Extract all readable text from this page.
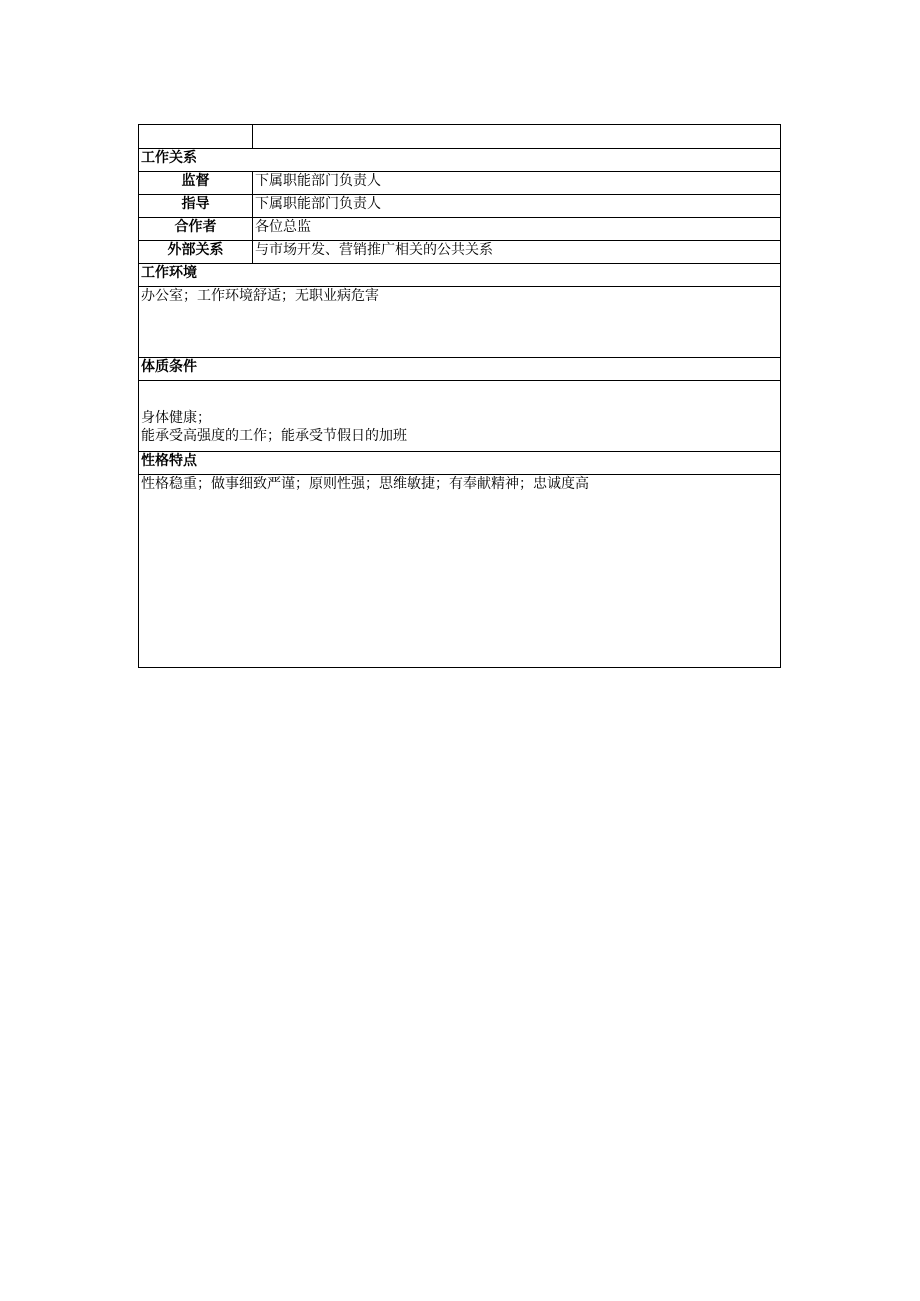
工作关系	
监督	下属职能部门负责人
指导	下属职能部门负责人
合作者	各位总监
外部关系	与市场开发、营销推广相关的公共关系
工作环境	
办公室；工作环境舒适；无职业病危害	
体质条件	

身体健康；
能承受高强度的工作；能承受节假日的加班	

性格特点	
性格稳重；做事细致严谨；原则性强；思维敏捷；有奉献精神；忠诚度高	
